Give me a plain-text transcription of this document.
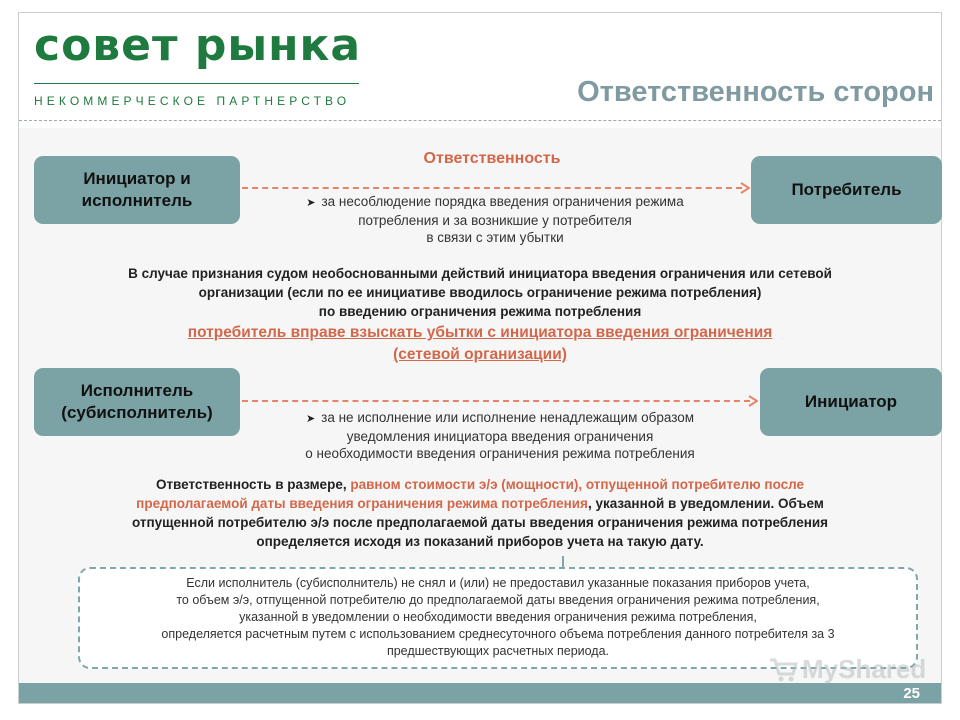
совет рынка
НЕКОММЕРЧЕСКОЕ ПАРТНЕРСТВО	Ответственность сторон
Инициатор и исполнитель
Потребитель
Ответственность
➤ за несоблюдение порядка введения ограничения режима
потребления и за возникшие у потребителя
в связи с этим убытки
В случае признания судом необоснованными действий инициатора введения ограничения или сетевой
организации (если по ее инициативе вводилось ограничение режима потребления)
по введению ограничения режима потребления
потребитель вправе взыскать убытки с инициатора введения ограничения
(сетевой организации)
Исполнитель (субисполнитель)
Инициатор
➤ за не исполнение или исполнение ненадлежащим образом
уведомления инициатора введения ограничения
о необходимости введения ограничения режима потребления
Ответственность в размере, равном стоимости э/э (мощности), отпущенной потребителю после
предполагаемой даты введения ограничения режима потребления, указанной в уведомлении. Объем
отпущенной потребителю э/э после предполагаемой даты введения ограничения режима потребления
определяется исходя из показаний приборов учета на такую дату.
Если исполнитель (субисполнитель) не снял и (или) не предоставил указанные показания приборов учета,
то объем э/э, отпущенной потребителю до предполагаемой даты введения ограничения режима потребления,
указанной в уведомлении о необходимости введения ограничения режима потребления,
определяется расчетным путем с использованием среднесуточного объема потребления данного потребителя за 3
предшествующих расчетных периода.
25
MyShared
